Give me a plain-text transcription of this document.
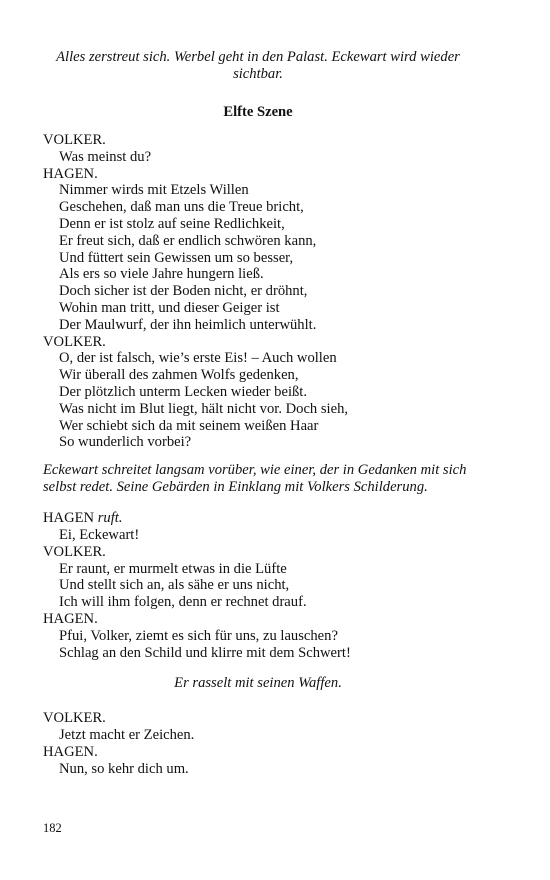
Alles zerstreut sich. Werbel geht in den Palast. Eckewart wird wieder sichtbar.
Elfte Szene
VOLKER.
Was meinst du?
HAGEN.
Nimmer wirds mit Etzels Willen
Geschehen, daß man uns die Treue bricht,
Denn er ist stolz auf seine Redlichkeit,
Er freut sich, daß er endlich schwören kann,
Und füttert sein Gewissen um so besser,
Als ers so viele Jahre hungern ließ.
Doch sicher ist der Boden nicht, er dröhnt,
Wohin man tritt, und dieser Geiger ist
Der Maulwurf, der ihn heimlich unterwühlt.
VOLKER.
O, der ist falsch, wie’s erste Eis! – Auch wollen
Wir überall des zahmen Wolfs gedenken,
Der plötzlich unterm Lecken wieder beißt.
Was nicht im Blut liegt, hält nicht vor. Doch sieh,
Wer schiebt sich da mit seinem weißen Haar
So wunderlich vorbei?
Eckewart schreitet langsam vorüber, wie einer, der in Gedanken mit sich selbst redet. Seine Gebärden in Einklang mit Volkers Schilderung.
HAGEN ruft.
Ei, Eckewart!
VOLKER.
Er raunt, er murmelt etwas in die Lüfte
Und stellt sich an, als sähe er uns nicht,
Ich will ihm folgen, denn er rechnet drauf.
HAGEN.
Pfui, Volker, ziemt es sich für uns, zu lauschen?
Schlag an den Schild und klirre mit dem Schwert!
Er rasselt mit seinen Waffen.
VOLKER.
Jetzt macht er Zeichen.
HAGEN.
Nun, so kehr dich um.
182
